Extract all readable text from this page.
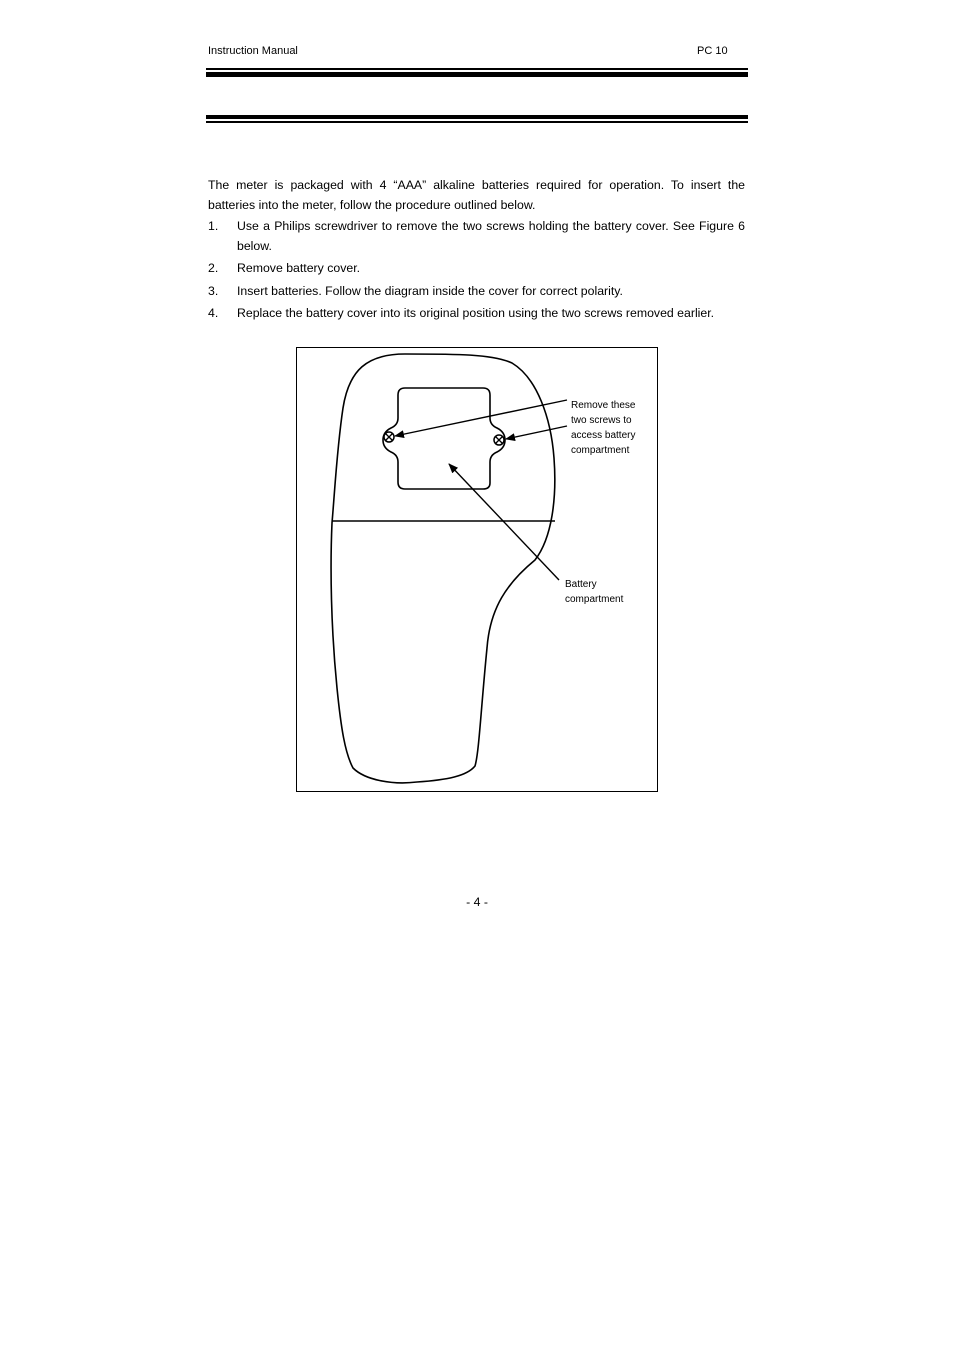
Instruction Manual	PC 10

The meter is packaged with 4 “AAA” alkaline batteries required for operation. To insert the batteries into the meter, follow the procedure outlined below.

1. Use a Philips screwdriver to remove the two screws holding the battery cover. See Figure 6 below.
2. Remove battery cover.
3. Insert batteries. Follow the diagram inside the cover for correct polarity.
4. Replace the battery cover into its original position using the two screws removed earlier.
Remove these two screws to access battery compartment
Battery compartment
- 4 -
